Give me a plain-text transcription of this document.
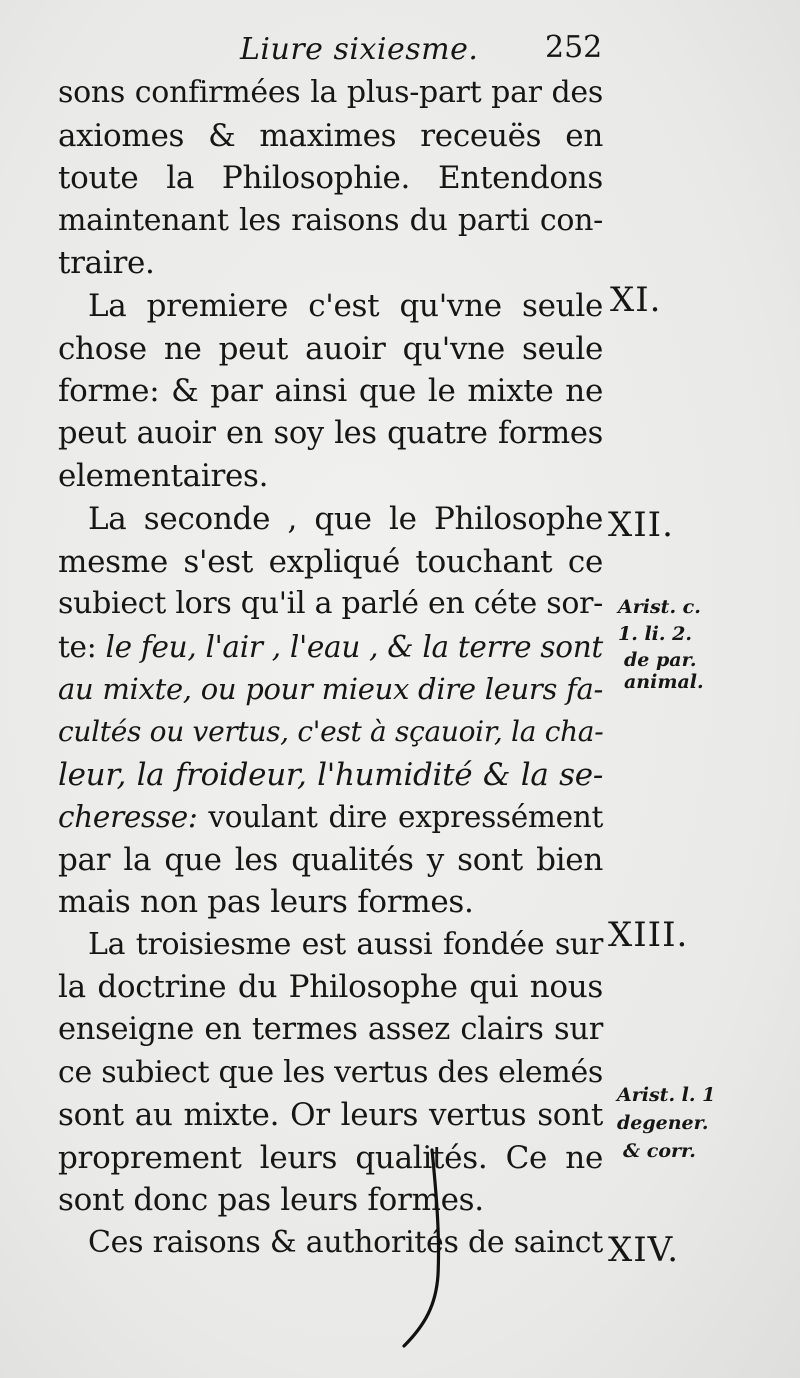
Liure sixiesme. 252
sons confirmées la plus-part par des
axiomes & maximes receuës en
toute la Philosophie. Entendons
maintenant les raisons du parti con-
traire.
La premiere c'est qu'vne seule
chose ne peut auoir qu'vne seule
forme: & par ainsi que le mixte ne
peut auoir en soy les quatre formes
elementaires.
La seconde , que le Philosophe
mesme s'est expliqué touchant ce
subiect lors qu'il a parlé en céte sor-
te: le feu, l'air , l'eau , & la terre sont
au mixte, ou pour mieux dire leurs fa-
cultés ou vertus, c'est à sçauoir, la cha-
leur, la froideur, l'humidité & la se-
cheresse: voulant dire expressément
par la que les qualités y sont bien
mais non pas leurs formes.
La troisiesme est aussi fondée sur
la doctrine du Philosophe qui nous
enseigne en termes assez clairs sur
ce subiect que les vertus des elemés
sont au mixte. Or leurs vertus sont
proprement leurs qualités. Ce ne
sont donc pas leurs formes.
Ces raisons & authorités de sainct
XI.
XII.
XIII.
XIV.
Arist. c.
1. li. 2.
de par.
animal.
Arist. l. 1
degener.
& corr.
